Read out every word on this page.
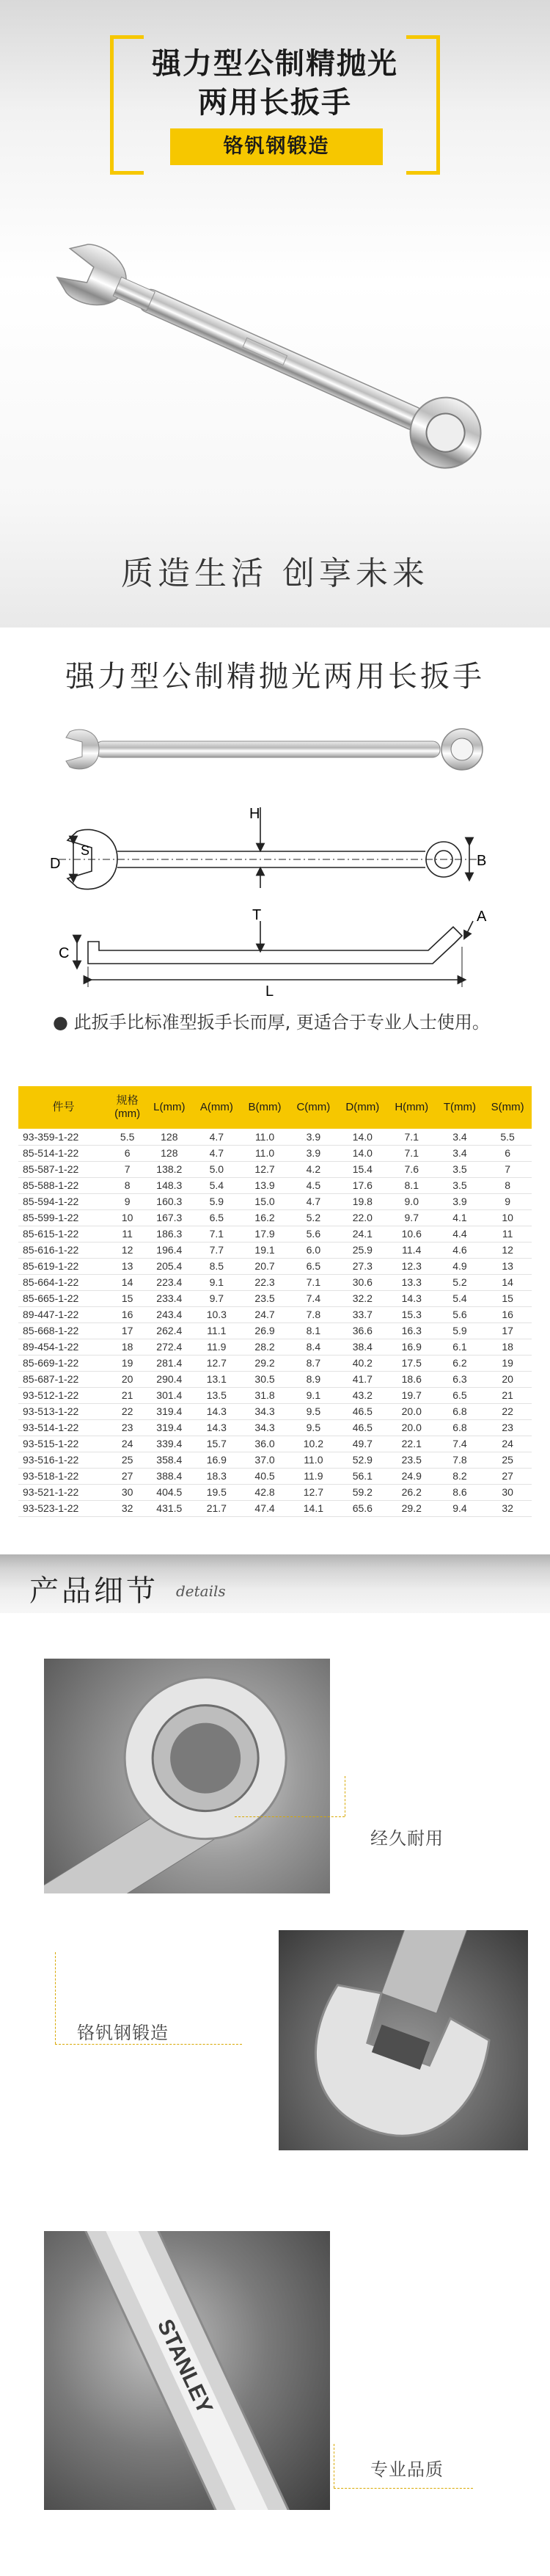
强力型公制精抛光
两用长扳手
铬钒钢锻造
质造生活 创享未来
强力型公制精抛光两用长扳手
H
D
S
B
T
C
A
L
● 此扳手比标准型扳手长而厚, 更适合于专业人士使用。
件号	规格
(mm)	L(mm)	A(mm)	B(mm)	C(mm)	D(mm)	H(mm)	T(mm)	S(mm)
93-359-1-22	5.5	128	4.7	11.0	3.9	14.0	7.1	3.4	5.5
85-514-1-22	6	128	4.7	11.0	3.9	14.0	7.1	3.4	6
85-587-1-22	7	138.2	5.0	12.7	4.2	15.4	7.6	3.5	7
85-588-1-22	8	148.3	5.4	13.9	4.5	17.6	8.1	3.5	8
85-594-1-22	9	160.3	5.9	15.0	4.7	19.8	9.0	3.9	9
85-599-1-22	10	167.3	6.5	16.2	5.2	22.0	9.7	4.1	10
85-615-1-22	11	186.3	7.1	17.9	5.6	24.1	10.6	4.4	11
85-616-1-22	12	196.4	7.7	19.1	6.0	25.9	11.4	4.6	12
85-619-1-22	13	205.4	8.5	20.7	6.5	27.3	12.3	4.9	13
85-664-1-22	14	223.4	9.1	22.3	7.1	30.6	13.3	5.2	14
85-665-1-22	15	233.4	9.7	23.5	7.4	32.2	14.3	5.4	15
89-447-1-22	16	243.4	10.3	24.7	7.8	33.7	15.3	5.6	16
85-668-1-22	17	262.4	11.1	26.9	8.1	36.6	16.3	5.9	17
89-454-1-22	18	272.4	11.9	28.2	8.4	38.4	16.9	6.1	18
85-669-1-22	19	281.4	12.7	29.2	8.7	40.2	17.5	6.2	19
85-687-1-22	20	290.4	13.1	30.5	8.9	41.7	18.6	6.3	20
93-512-1-22	21	301.4	13.5	31.8	9.1	43.2	19.7	6.5	21
93-513-1-22	22	319.4	14.3	34.3	9.5	46.5	20.0	6.8	22
93-514-1-22	23	319.4	14.3	34.3	9.5	46.5	20.0	6.8	23
93-515-1-22	24	339.4	15.7	36.0	10.2	49.7	22.1	7.4	24
93-516-1-22	25	358.4	16.9	37.0	11.0	52.9	23.5	7.8	25
93-518-1-22	27	388.4	18.3	40.5	11.9	56.1	24.9	8.2	27
93-521-1-22	30	404.5	19.5	42.8	12.7	59.2	26.2	8.6	30
93-523-1-22	32	431.5	21.7	47.4	14.1	65.6	29.2	9.4	32
产品细节 details
经久耐用
铬钒钢锻造
STANLEY
专业品质
